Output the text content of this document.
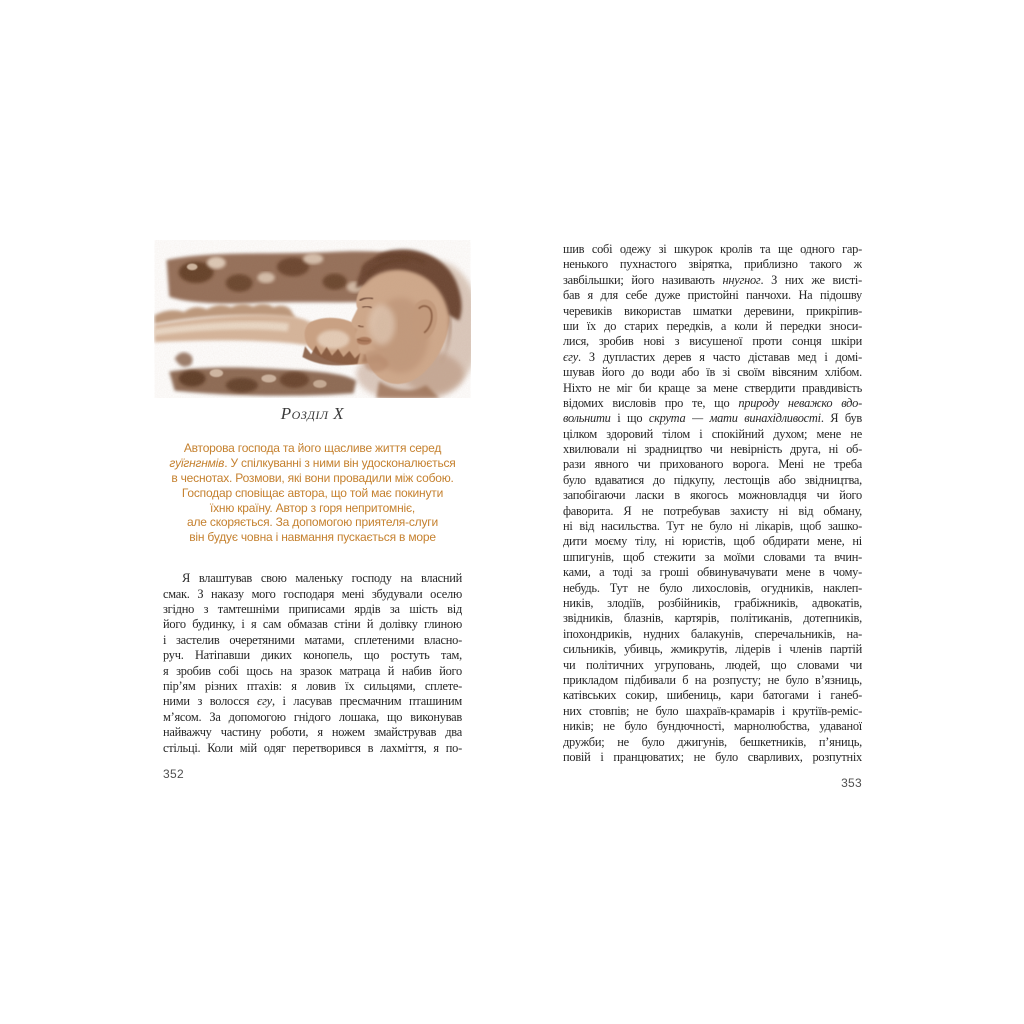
Розділ X
Авторова господа та його щасливе життя серед
гуїгнгнмів. У спілкуванні з ними він удосконалюється
в чеснотах. Розмови, які вони провадили між собою.
Господар сповіщає автора, що той має покинути
їхню країну. Автор з горя непритомніє,
але скоряється. За допомогою приятеля-слуги
він будує човна і навмання пускається в море
Я влаштував свою маленьку господу на власний
смак. З наказу мого господаря мені збудували оселю
згідно з тамтешніми приписами ярдів за шість від
його будинку, і я сам обмазав стіни й долівку глиною
і застелив очеретяними матами, сплетеними власно-
руч. Натіпавши диких конопель, що ростуть там,
я зробив собі щось на зразок матраца й набив його
пір’ям різних птахів: я ловив їх сильцями, сплете-
ними з волосся єгу, і ласував пресмачним пташиним
м’ясом. За допомогою гнідого лошака, що виконував
найважчу частину роботи, я ножем змайстрував два
стільці. Коли мій одяг перетворився в лахміття, я по-
352
шив собі одежу зі шкурок кролів та ще одного гар-
ненького пухнастого звірятка, приблизно такого ж
завбільшки; його називають ннугног. З них же висті-
бав я для себе дуже пристойні панчохи. На підошву
черевиків використав шматки деревини, прикріпив-
ши їх до старих передків, а коли й передки зноси-
лися, зробив нові з висушеної проти сонця шкіри
єгу. З дупластих дерев я часто діставав мед і домі-
шував його до води або їв зі своїм вівсяним хлібом.
Ніхто не міг би краще за мене ствердити правдивість
відомих висловів про те, що природу неважко вдо-
вольнити і що скрута — мати винахідливості. Я був
цілком здоровий тілом і спокійний духом; мене не
хвилювали ні зрадництво чи невірність друга, ні об-
рази явного чи прихованого ворога. Мені не треба
було вдаватися до підкупу, лестощів або звідництва,
запобігаючи ласки в якогось можновладця чи його
фаворита. Я не потребував захисту ні від обману,
ні від насильства. Тут не було ні лікарів, щоб зашко-
дити моєму тілу, ні юристів, щоб обдирати мене, ні
шпигунів, щоб стежити за моїми словами та вчин-
ками, а тоді за гроші обвинувачувати мене в чому-
небудь. Тут не було лихословів, огудників, наклеп-
ників, злодіїв, розбійників, грабіжників, адвокатів,
звідників, блазнів, картярів, політиканів, дотепників,
іпохондриків, нудних балакунів, сперечальників, на-
сильників, убивць, жмикрутів, лідерів і членів партій
чи політичних угруповань, людей, що словами чи
прикладом підбивали б на розпусту; не було в’язниць,
катівських сокир, шибениць, кари батогами і ганеб-
них стовпів; не було шахраїв-крамарів і крутіїв-реміс-
ників; не було бундючності, марнолюбства, удаваної
дружби; не було джигунів, бешкетників, п’яниць,
повій і пранцюватих; не було сварливих, розпутніх
353
